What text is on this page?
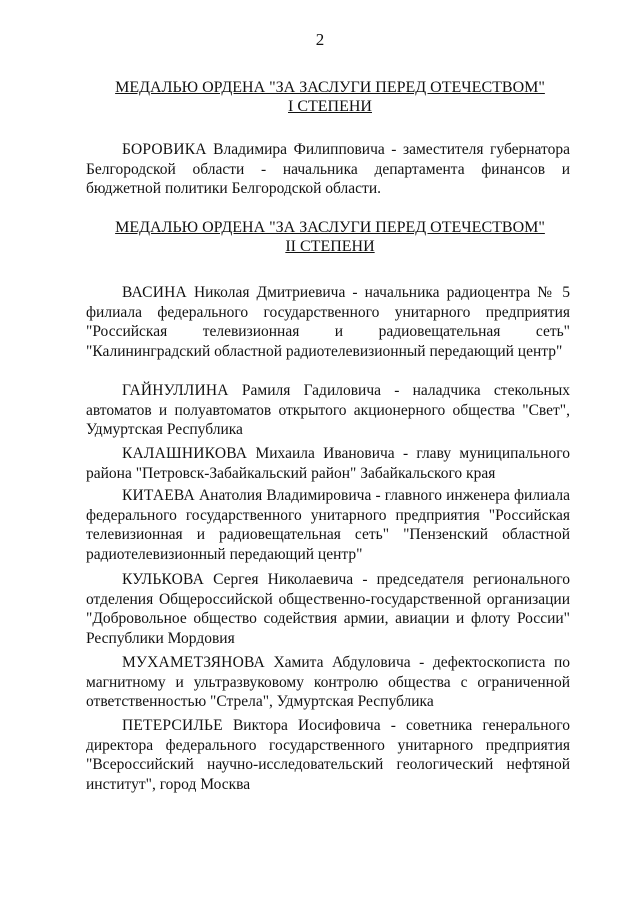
2
МЕДАЛЬЮ ОРДЕНА "ЗА ЗАСЛУГИ ПЕРЕД ОТЕЧЕСТВОМ"
I СТЕПЕНИ

БОРОВИКА Владимира Филипповича - заместителя губернатора Белгородской области - начальника департамента финансов и бюджетной политики Белгородской области.

МЕДАЛЬЮ ОРДЕНА "ЗА ЗАСЛУГИ ПЕРЕД ОТЕЧЕСТВОМ"
II СТЕПЕНИ

ВАСИНА Николая Дмитриевича - начальника радиоцентра № 5 филиала федерального государственного унитарного предприятия "Российская телевизионная и радиовещательная сеть" "Калининградский областной радиотелевизионный передающий центр"

ГАЙНУЛЛИНА Рамиля Гадиловича - наладчика стекольных автоматов и полуавтоматов открытого акционерного общества "Свет", Удмуртская Республика

КАЛАШНИКОВА Михаила Ивановича - главу муниципального района "Петровск-Забайкальский район" Забайкальского края

КИТАЕВА Анатолия Владимировича - главного инженера филиала федерального государственного унитарного предприятия "Российская телевизионная и радиовещательная сеть" "Пензенский областной радиотелевизионный передающий центр"

КУЛЬКОВА Сергея Николаевича - председателя регионального отделения Общероссийской общественно-государственной организации "Добровольное общество содействия армии, авиации и флоту России" Республики Мордовия

МУХАМЕТЗЯНОВА Хамита Абдуловича - дефектоскописта по магнитному и ультразвуковому контролю общества с ограниченной ответственностью "Стрела", Удмуртская Республика

ПЕТЕРСИЛЬЕ Виктора Иосифовича - советника генерального директора федерального государственного унитарного предприятия "Всероссийский научно-исследовательский геологический нефтяной институт", город Москва
